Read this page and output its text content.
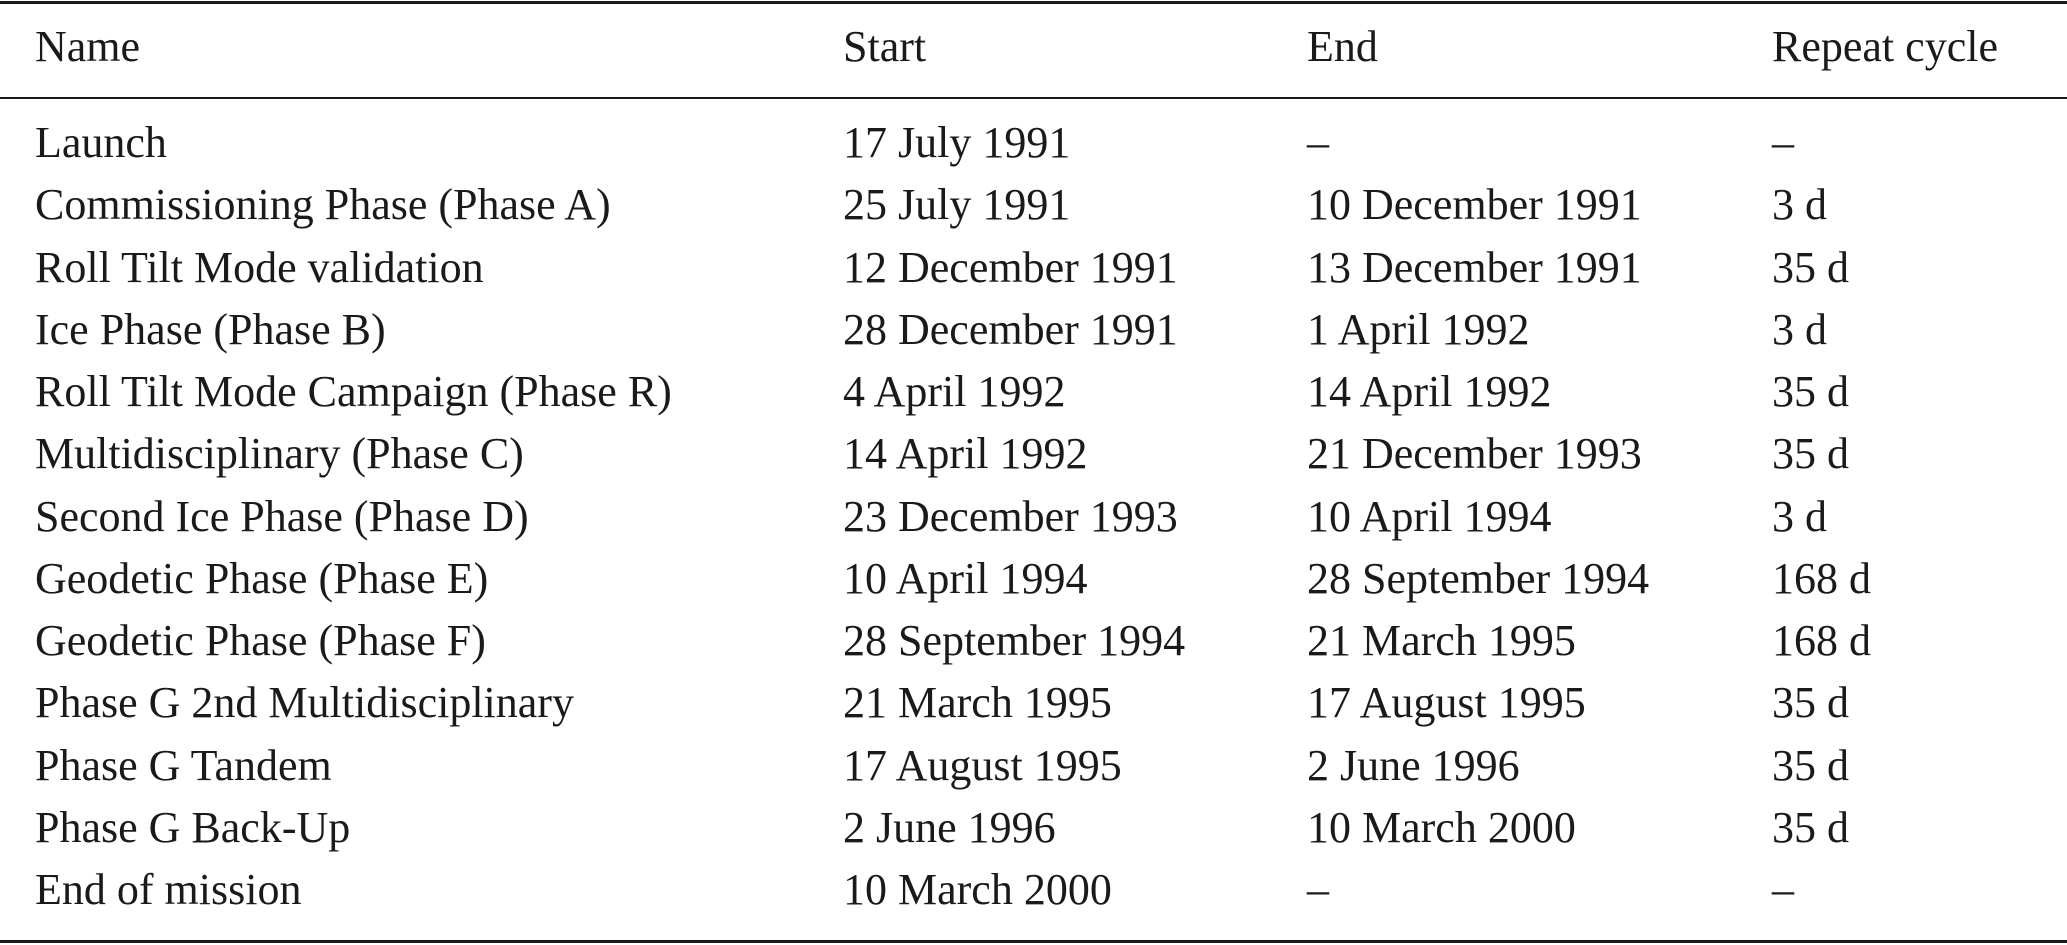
Name	Start	End	Repeat cycle
Launch	17 July 1991	–	–
Commissioning Phase (Phase A)	25 July 1991	10 December 1991	3 d
Roll Tilt Mode validation	12 December 1991	13 December 1991	35 d
Ice Phase (Phase B)	28 December 1991	1 April 1992	3 d
Roll Tilt Mode Campaign (Phase R)	4 April 1992	14 April 1992	35 d
Multidisciplinary (Phase C)	14 April 1992	21 December 1993	35 d
Second Ice Phase (Phase D)	23 December 1993	10 April 1994	3 d
Geodetic Phase (Phase E)	10 April 1994	28 September 1994	168 d
Geodetic Phase (Phase F)	28 September 1994	21 March 1995	168 d
Phase G 2nd Multidisciplinary	21 March 1995	17 August 1995	35 d
Phase G Tandem	17 August 1995	2 June 1996	35 d
Phase G Back-Up	2 June 1996	10 March 2000	35 d
End of mission	10 March 2000	–	–
